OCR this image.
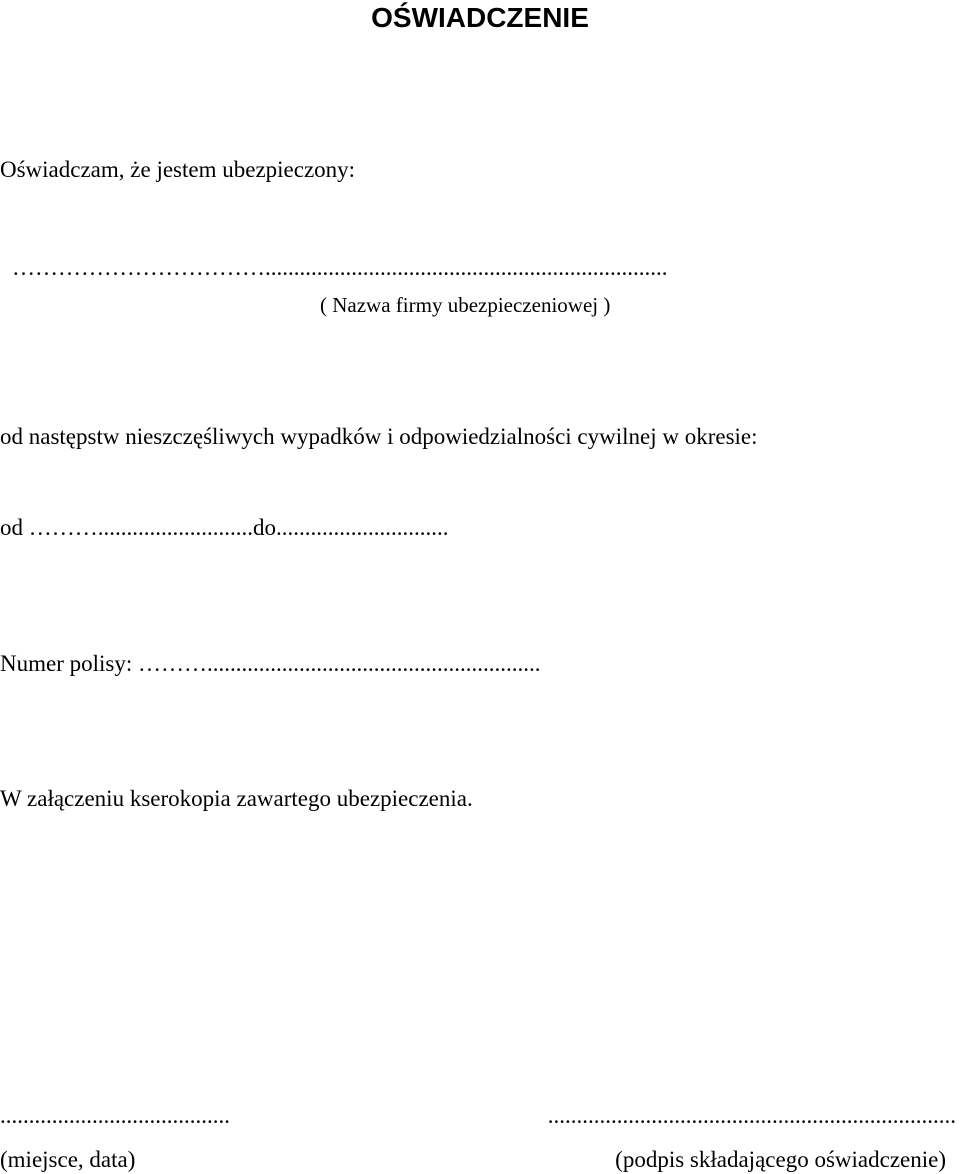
OŚWIADCZENIE
Oświadczam, że jestem ubezpieczony:
……………………………......................................................................
( Nazwa firmy ubezpieczeniowej )
od następstw nieszczęśliwych wypadków i odpowiedzialności cywilnej w okresie:
od ………...........................do..............................
Numer polisy: ………..........................................................
W załączeniu kserokopia zawartego ubezpieczenia.
........................................
(miejsce, data)
.......................................................................
(podpis składającego oświadczenie)
